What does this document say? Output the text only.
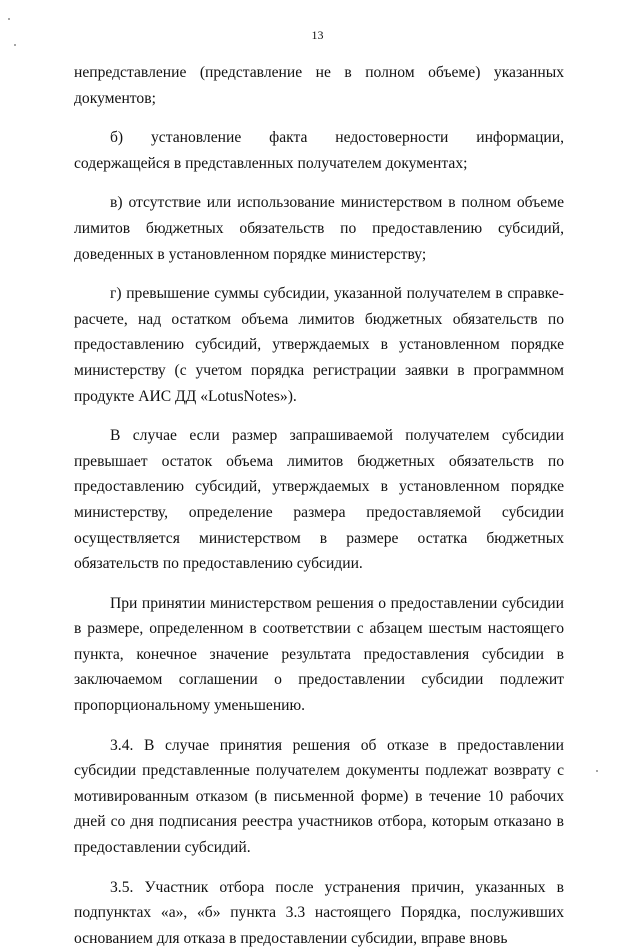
13

непредставление (представление не в полном объеме) указанных документов;

б) установление факта недостоверности информации, содержащейся в представленных получателем документах;

в) отсутствие или использование министерством в полном объеме лимитов бюджетных обязательств по предоставлению субсидий, доведенных в установленном порядке министерству;

г) превышение суммы субсидии, указанной получателем в справке-расчете, над остатком объема лимитов бюджетных обязательств по предоставлению субсидий, утверждаемых в установленном порядке министерству (с учетом порядка регистрации заявки в программном продукте АИС ДД «LotusNotes»).

В случае если размер запрашиваемой получателем субсидии превышает остаток объема лимитов бюджетных обязательств по предоставлению субсидий, утверждаемых в установленном порядке министерству, определение размера предоставляемой субсидии осуществляется министерством в размере остатка бюджетных обязательств по предоставлению субсидии.

При принятии министерством решения о предоставлении субсидии в размере, определенном в соответствии с абзацем шестым настоящего пункта, конечное значение результата предоставления субсидии в заключаемом соглашении о предоставлении субсидии подлежит пропорциональному уменьшению.

3.4. В случае принятия решения об отказе в предоставлении субсидии представленные получателем документы подлежат возврату с мотивированным отказом (в письменной форме) в течение 10 рабочих дней со дня подписания реестра участников отбора, которым отказано в предоставлении субсидий.

3.5. Участник отбора после устранения причин, указанных в подпунктах «а», «б» пункта 3.3 настоящего Порядка, послуживших основанием для отказа в предоставлении субсидии, вправе вновь
